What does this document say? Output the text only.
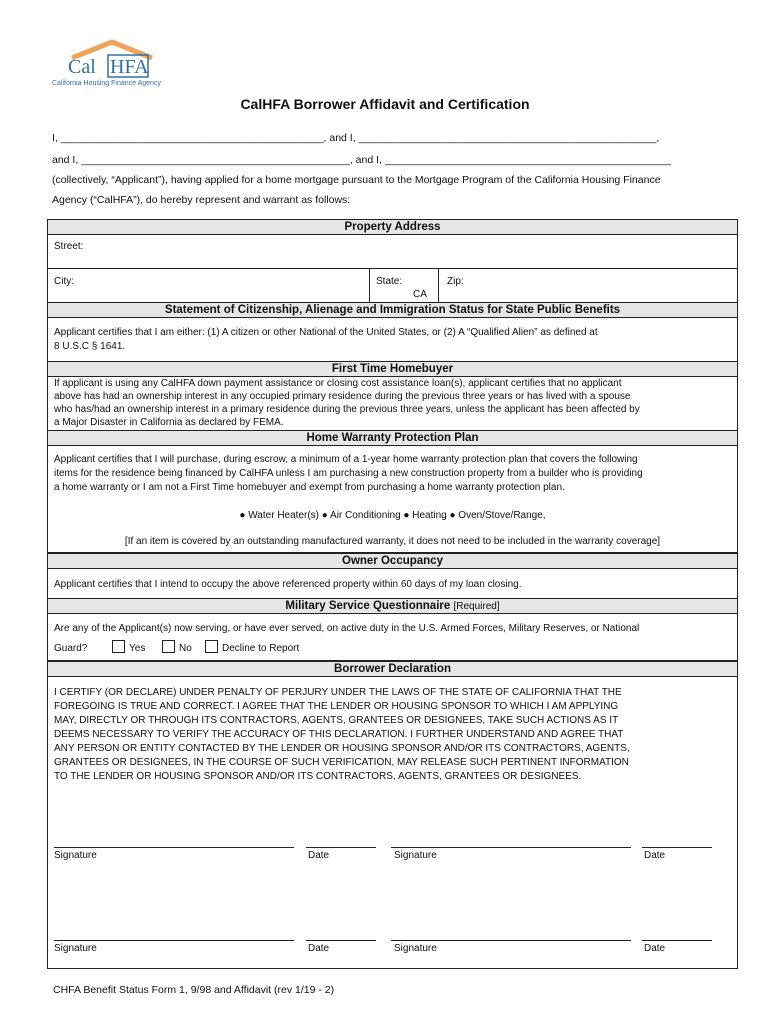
Cal HFA
California Housing Finance Agency
CalHFA Borrower Affidavit and Certification
I, _____________________________________________, and I, ___________________________________________________,
and I, ______________________________________________, and I, _________________________________________________
(collectively, “Applicant”), having applied for a home mortgage pursuant to the Mortgage Program of the California Housing Finance
Agency (“CalHFA”), do hereby represent and warrant as follows:
Property Address
Street:
City:	State:
CA
Zip:
Statement of Citizenship, Alienage and Immigration Status for State Public Benefits
Applicant certifies that I am either: (1) A citizen or other National of the United States, or (2) A “Qualified Alien” as defined at
8 U.S.C § 1641.
First Time Homebuyer
If applicant is using any CalHFA down payment assistance or closing cost assistance loan(s), applicant certifies that no applicant
above has had an ownership interest in any occupied primary residence during the previous three years or has lived with a spouse
who has/had an ownership interest in a primary residence during the previous three years, unless the applicant has been affected by
a Major Disaster in California as declared by FEMA.
Home Warranty Protection Plan
Applicant certifies that I will purchase, during escrow, a minimum of a 1-year home warranty protection plan that covers the following
items for the residence being financed by CalHFA unless I am purchasing a new construction property from a builder who is providing
a home warranty or I am not a First Time homebuyer and exempt from purchasing a home warranty protection plan.
● Water Heater(s) ● Air Conditioning ● Heating ● Oven/Stove/Range,
[If an item is covered by an outstanding manufactured warranty, it does not need to be included in the warranty coverage]
Owner Occupancy
Applicant certifies that I intend to occupy the above referenced property within 60 days of my loan closing.
Military Service Questionnaire [Required]
Are any of the Applicant(s) now serving, or have ever served, on active duty in the U.S. Armed Forces, Military Reserves, or National
Guard?	Yes	No	Decline to Report
Borrower Declaration
I CERTIFY (OR DECLARE) UNDER PENALTY OF PERJURY UNDER THE LAWS OF THE STATE OF CALIFORNIA THAT THE
FOREGOING IS TRUE AND CORRECT. I AGREE THAT THE LENDER OR HOUSING SPONSOR TO WHICH I AM APPLYING
MAY, DIRECTLY OR THROUGH ITS CONTRACTORS, AGENTS, GRANTEES OR DESIGNEES, TAKE SUCH ACTIONS AS IT
DEEMS NECESSARY TO VERIFY THE ACCURACY OF THIS DECLARATION. I FURTHER UNDERSTAND AND AGREE THAT
ANY PERSON OR ENTITY CONTACTED BY THE LENDER OR HOUSING SPONSOR AND/OR ITS CONTRACTORS, AGENTS,
GRANTEES OR DESIGNEES, IN THE COURSE OF SUCH VERIFICATION, MAY RELEASE SUCH PERTINENT INFORMATION
TO THE LENDER OR HOUSING SPONSOR AND/OR ITS CONTRACTORS, AGENTS, GRANTEES OR DESIGNEES.
Signature	Date	Signature	Date
Signature	Date	Signature	Date
CHFA Benefit Status Form 1, 9/98 and Affidavit (rev 1/19 - 2)
